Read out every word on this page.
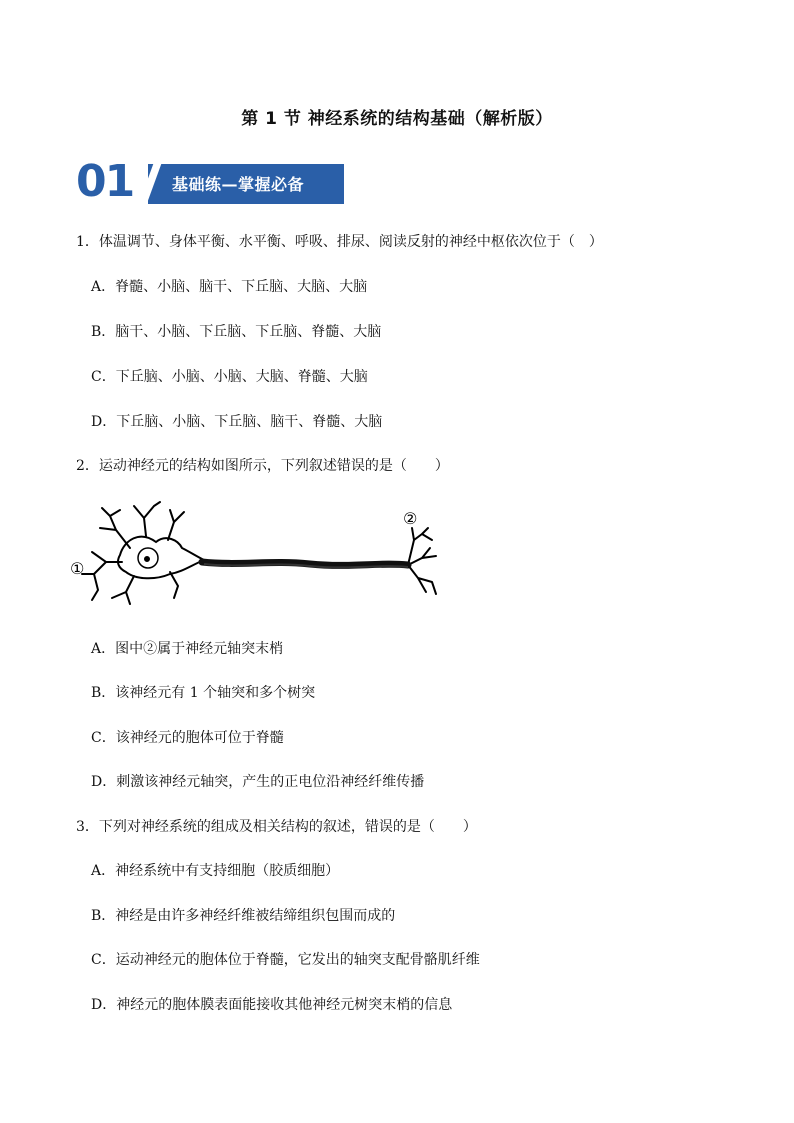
第 1 节 神经系统的结构基础（解析版）
01 基础练—掌握必备
1．体温调节、身体平衡、水平衡、呼吸、排尿、阅读反射的神经中枢依次位于（　）
A．脊髓、小脑、脑干、下丘脑、大脑、大脑
B．脑干、小脑、下丘脑、下丘脑、脊髓、大脑
C．下丘脑、小脑、小脑、大脑、脊髓、大脑
D．下丘脑、小脑、下丘脑、脑干、脊髓、大脑
2．运动神经元的结构如图所示，下列叙述错误的是（　　）
①
②
A．图中②属于神经元轴突末梢
B．该神经元有 1 个轴突和多个树突
C．该神经元的胞体可位于脊髓
D．刺激该神经元轴突，产生的正电位沿神经纤维传播
3．下列对神经系统的组成及相关结构的叙述，错误的是（　　）
A．神经系统中有支持细胞（胶质细胞）
B．神经是由许多神经纤维被结缔组织包围而成的
C．运动神经元的胞体位于脊髓，它发出的轴突支配骨骼肌纤维
D．神经元的胞体膜表面能接收其他神经元树突末梢的信息
